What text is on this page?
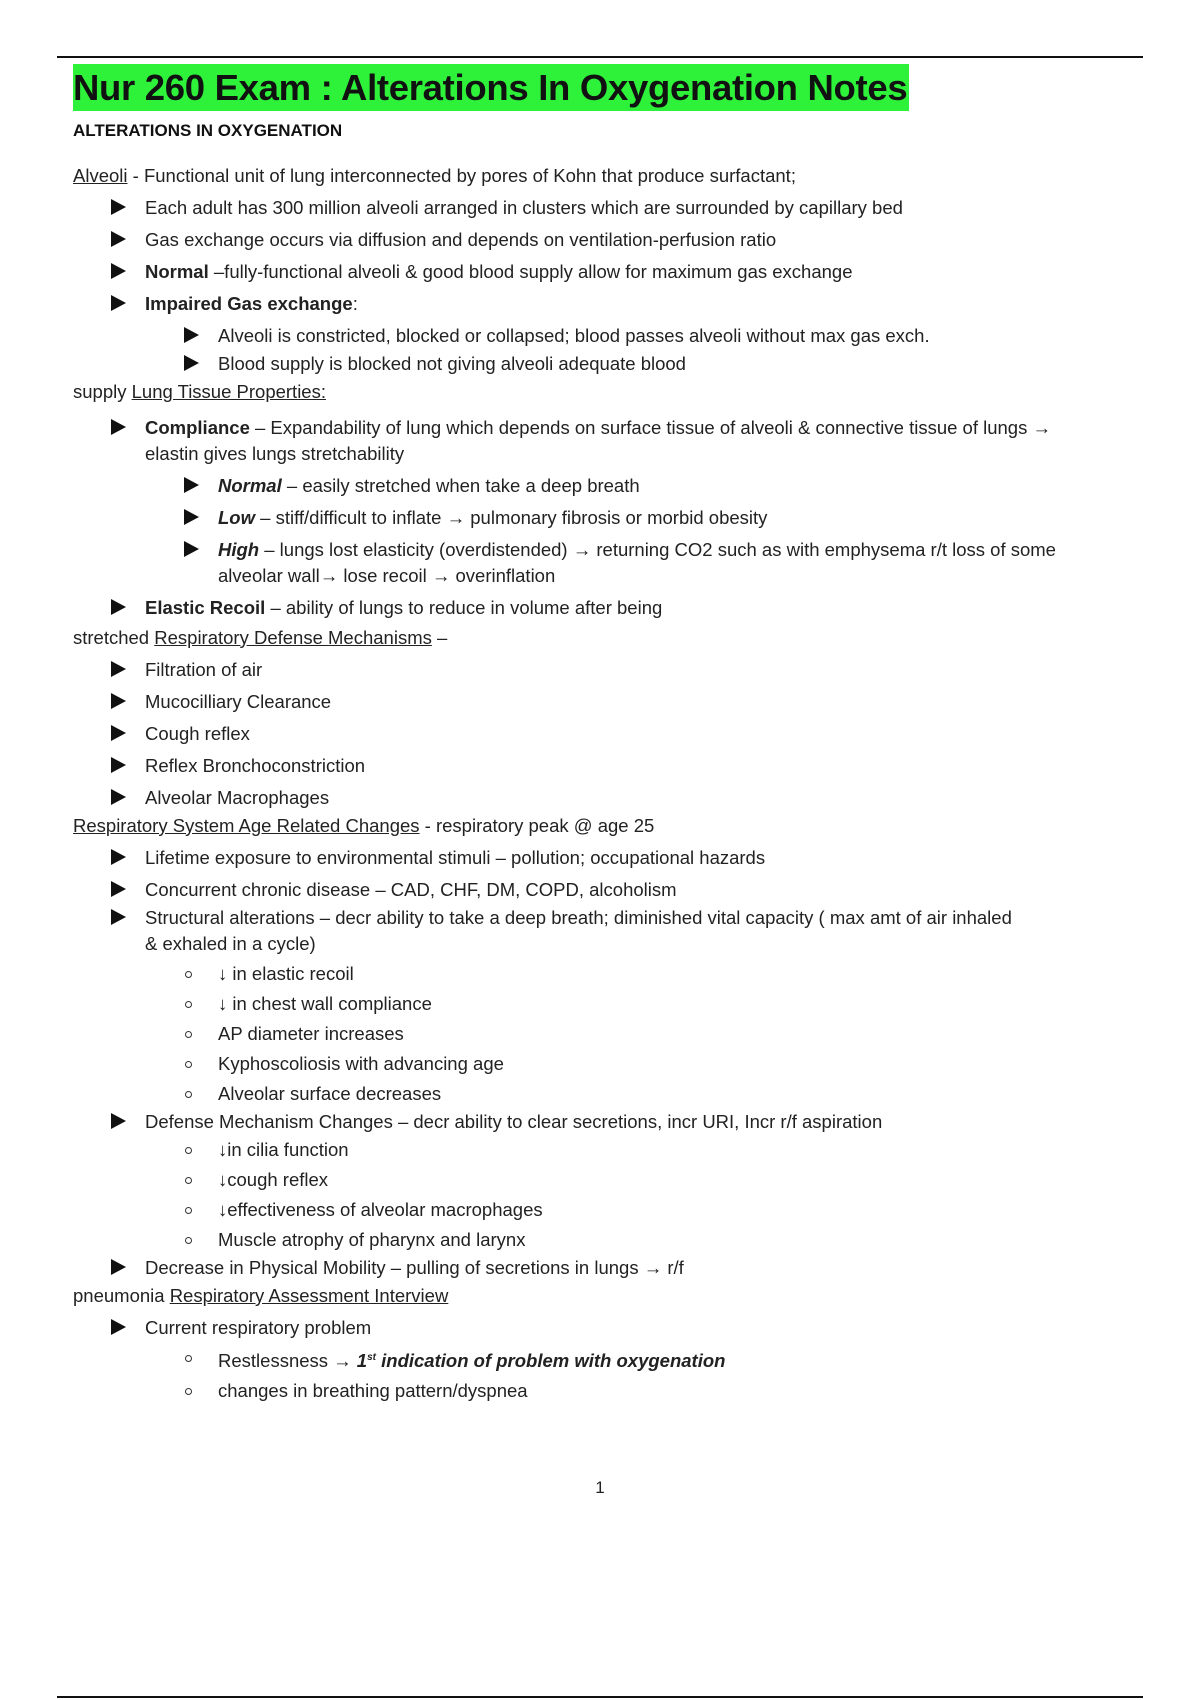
Nur 260 Exam : Alterations In Oxygenation Notes
ALTERATIONS IN OXYGENATION
Alveoli - Functional unit of lung interconnected by pores of Kohn that produce surfactant;
Each adult has 300 million alveoli arranged in clusters which are surrounded by capillary bed
Gas exchange occurs via diffusion and depends on ventilation-perfusion ratio
Normal –fully-functional alveoli & good blood supply allow for maximum gas exchange
Impaired Gas exchange:
Alveoli is constricted, blocked or collapsed; blood passes alveoli without max gas exch.
Blood supply is blocked not giving alveoli adequate blood
supply Lung Tissue Properties:
Compliance – Expandability of lung which depends on surface tissue of alveoli & connective tissue of lungs →
elastin gives lungs stretchability
Normal – easily stretched when take a deep breath
Low – stiff/difficult to inflate → pulmonary fibrosis or morbid obesity
High – lungs lost elasticity (overdistended) → returning CO2 such as with emphysema r/t loss of some
alveolar wall→ lose recoil → overinflation
Elastic Recoil – ability of lungs to reduce in volume after being
stretched Respiratory Defense Mechanisms –
Filtration of air
Mucocilliary Clearance
Cough reflex
Reflex Bronchoconstriction
Alveolar Macrophages
Respiratory System Age Related Changes - respiratory peak @ age 25
Lifetime exposure to environmental stimuli – pollution; occupational hazards
Concurrent chronic disease – CAD, CHF, DM, COPD, alcoholism
Structural alterations – decr ability to take a deep breath; diminished vital capacity ( max amt of air inhaled
& exhaled in a cycle)
↓ in elastic recoil
↓ in chest wall compliance
AP diameter increases
Kyphoscoliosis with advancing age
Alveolar surface decreases
Defense Mechanism Changes – decr ability to clear secretions, incr URI, Incr r/f aspiration
↓in cilia function
↓cough reflex
↓effectiveness of alveolar macrophages
Muscle atrophy of pharynx and larynx
Decrease in Physical Mobility – pulling of secretions in lungs → r/f
pneumonia Respiratory Assessment Interview
Current respiratory problem
Restlessness → 1st indication of problem with oxygenation
changes in breathing pattern/dyspnea
1
